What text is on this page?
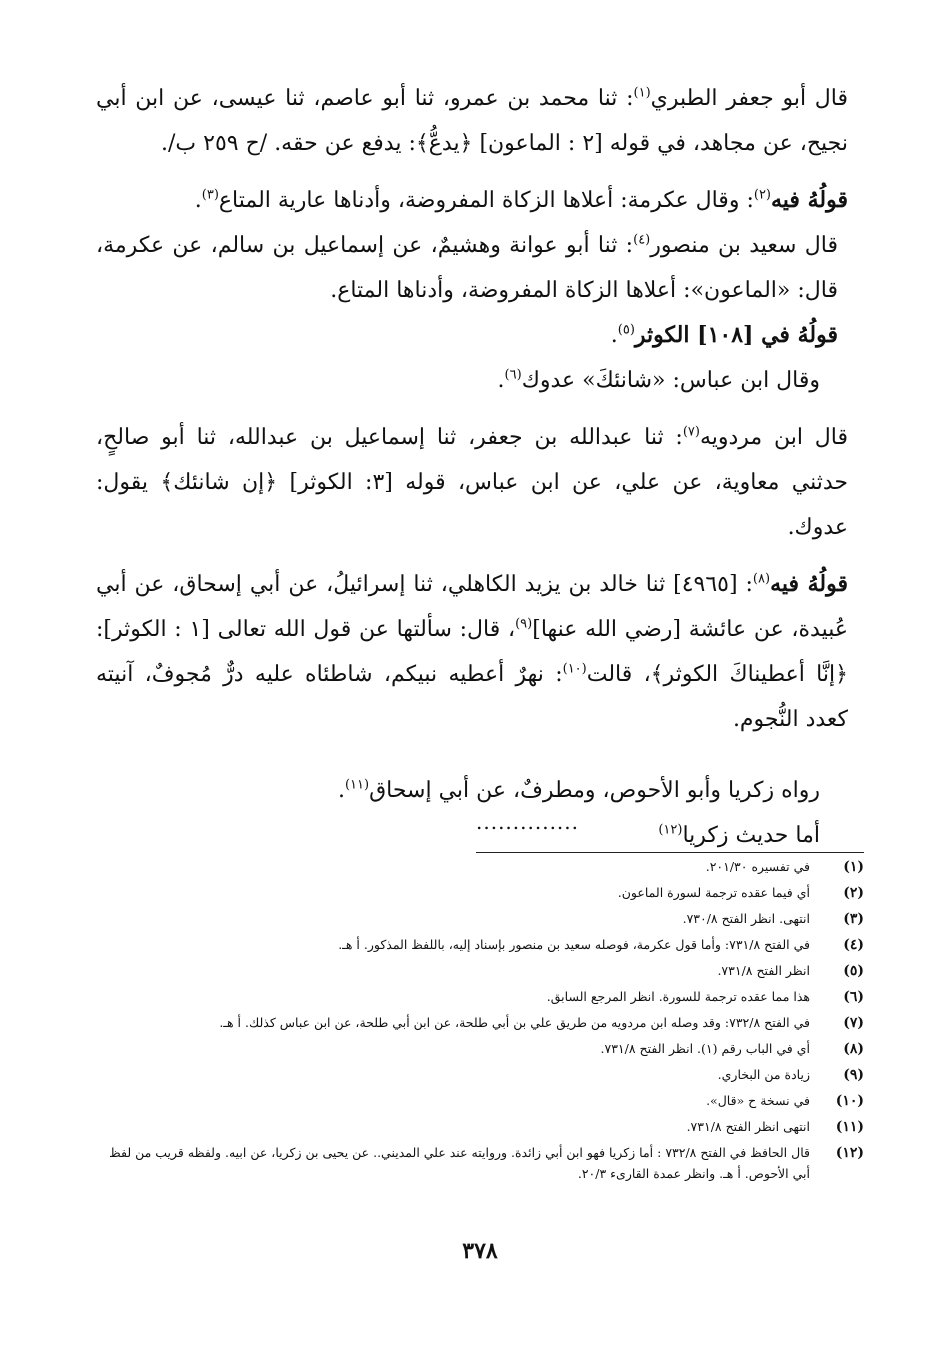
قال أبو جعفر الطبري$^{(١)}$: ثنا محمد بن عمرو، ثنا أبو عاصم، ثنا عيسى، عن ابن أبي نجيح، عن مجاهد، في قوله [٢ : الماعون] ﴿يدعُّ﴾: يدفع عن حقه. /ح ٢٥٩ ب/.

قولُهُ فيه$^{(٢)}$: وقال عكرمة: أعلاها الزكاة المفروضة، وأدناها عارية المتاع$^{(٣)}$.

قال سعيد بن منصور$^{(٤)}$: ثنا أبو عوانة وهشيمٌ، عن إسماعيل بن سالم، عن عكرمة، قال: «الماعون»: أعلاها الزكاة المفروضة، وأدناها المتاع.

قولُهُ في [١٠٨] الكوثر$^{(٥)}$.

وقال ابن عباس: «شانئكَ» عدوك$^{(٦)}$.

قال ابن مردويه$^{(٧)}$: ثنا عبدالله بن جعفر، ثنا إسماعيل بن عبدالله، ثنا أبو صالحٍ، حدثني معاوية، عن علي، عن ابن عباس، قوله [٣: الكوثر] ﴿إن شانئك﴾ يقول: عدوك.

قولُهُ فيه$^{(٨)}$: [٤٩٦٥] ثنا خالد بن يزيد الكاهلي، ثنا إسرائيلُ، عن أبي إسحاق، عن أبي عُبيدة، عن عائشة [رضي الله عنها]$^{(٩)}$، قال: سألتها عن قول الله تعالى [١ : الكوثر]: ﴿إنَّا أعطيناكَ الكوثر﴾، قالت$^{(١٠)}$: نهرٌ أعطيه نبيكم، شاطئاه عليه درٌّ مُجوفٌ، آنيته كعدد النُّجوم.

رواه زكريا وأبو الأحوص، ومطرفٌ، عن أبي إسحاق$^{(١١)}$.
أما حديث زكريا$^{(١٢)}$
..............
(١)
في تفسيره ٢٠١/٣٠.
(٢)
أي فيما عقده ترجمة لسورة الماعون.
(٣)
انتهى. انظر الفتح ٧٣٠/٨.
(٤)
في الفتح ٧٣١/٨: وأما قول عكرمة، فوصله سعيد بن منصور بإسناد إليه، باللفظ المذكور. أ هـ.
(٥)
انظر الفتح ٧٣١/٨.
(٦)
هذا مما عقده ترجمة للسورة. انظر المرجع السابق.
(٧)
في الفتح ٧٣٢/٨: وقد وصله ابن مردويه من طريق علي بن أبي طلحة، عن ابن أبي طلحة، عن ابن عباس كذلك. أ هـ.
(٨)
أي في الباب رقم (١). انظر الفتح ٧٣١/٨.
(٩)
زيادة من البخاري.
(١٠)
في نسخة ح «قال».
(١١)
انتهى انظر الفتح ٧٣١/٨.
(١٢)
قال الحافظ في الفتح ٧٣٢/٨ : أما زكريا فهو ابن أبي زائدة. وروايته عند علي المديني.. عن يحيى بن زكريا، عن ابيه. ولفظه قريب من لفظ أبي الأحوص. أ هـ. وانظر عمدة القارىء ٢٠/٣.
٣٧٨
